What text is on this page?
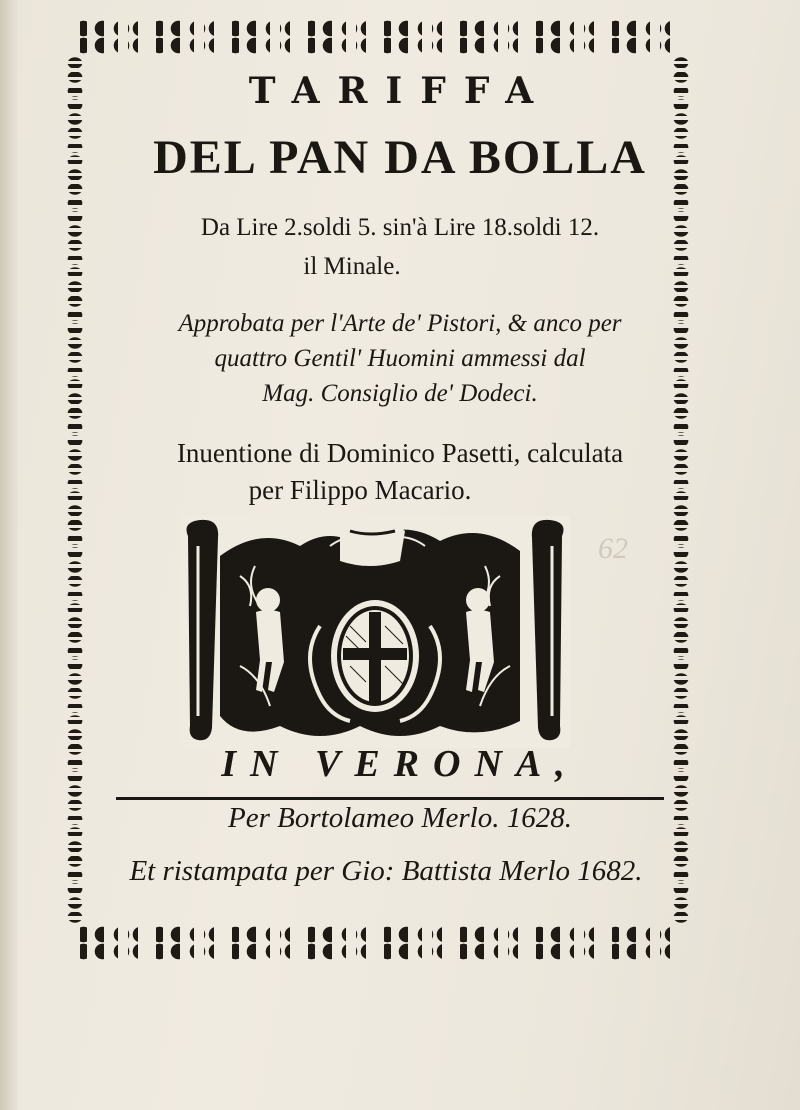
62
TARIFFA
DEL PAN DA BOLLA
Da Lire 2.soldi 5. sin'à Lire 18.soldi 12.
il Minale.
Approbata per l'Arte de' Pistori, & anco per
quattro Gentil' Huomini ammessi dal
Mag. Consiglio de' Dodeci.
Inuentione di Dominico Pasetti, calculata
per Filippo Macario.
IN VERONA,
Per Bortolameo Merlo. 1628.
Et ristampata per Gio: Battista Merlo 1682.
